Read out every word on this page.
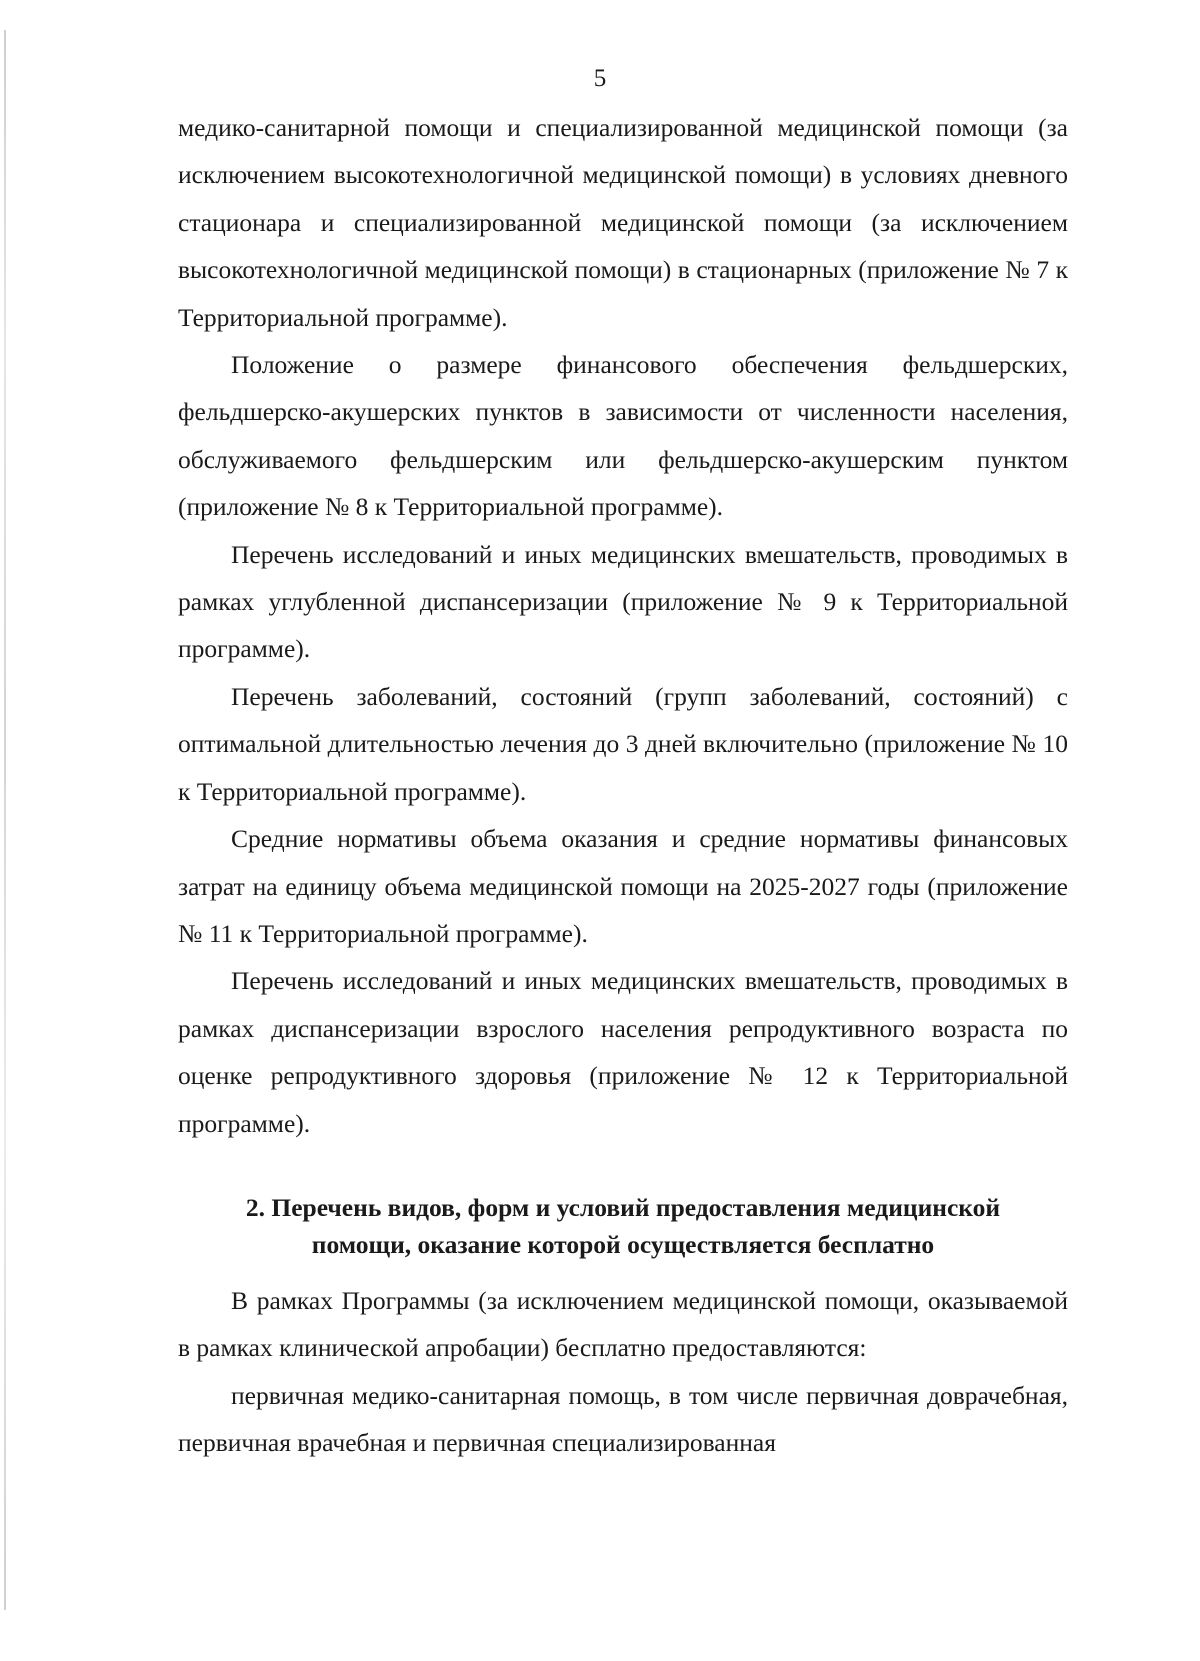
5

медико-санитарной помощи и специализированной медицинской помощи (за исключением высокотехнологичной медицинской помощи) в условиях дневного стационара и специализированной медицинской помощи (за исключением высокотехнологичной медицинской помощи) в стационарных (приложение № 7 к Территориальной программе).

Положение о размере финансового обеспечения фельдшерских, фельдшерско-акушерских пунктов в зависимости от численности населения, обслуживаемого фельдшерским или фельдшерско-акушерским пунктом (приложение № 8 к Территориальной программе).

Перечень исследований и иных медицинских вмешательств, проводимых в рамках углубленной диспансеризации (приложение № 9 к Территориальной программе).

Перечень заболеваний, состояний (групп заболеваний, состояний) с оптимальной длительностью лечения до 3 дней включительно (приложение № 10 к Территориальной программе).

Средние нормативы объема оказания и средние нормативы финансовых затрат на единицу объема медицинской помощи на 2025-2027 годы (приложение № 11 к Территориальной программе).

Перечень исследований и иных медицинских вмешательств, проводимых в рамках диспансеризации взрослого населения репродуктивного возраста по оценке репродуктивного здоровья (приложение № 12 к Территориальной программе).

2. Перечень видов, форм и условий предоставления медицинской
помощи, оказание которой осуществляется бесплатно

В рамках Программы (за исключением медицинской помощи, оказываемой в рамках клинической апробации) бесплатно предоставляются:

первичная медико-санитарная помощь, в том числе первичная доврачебная, первичная врачебная и первичная специализированная
